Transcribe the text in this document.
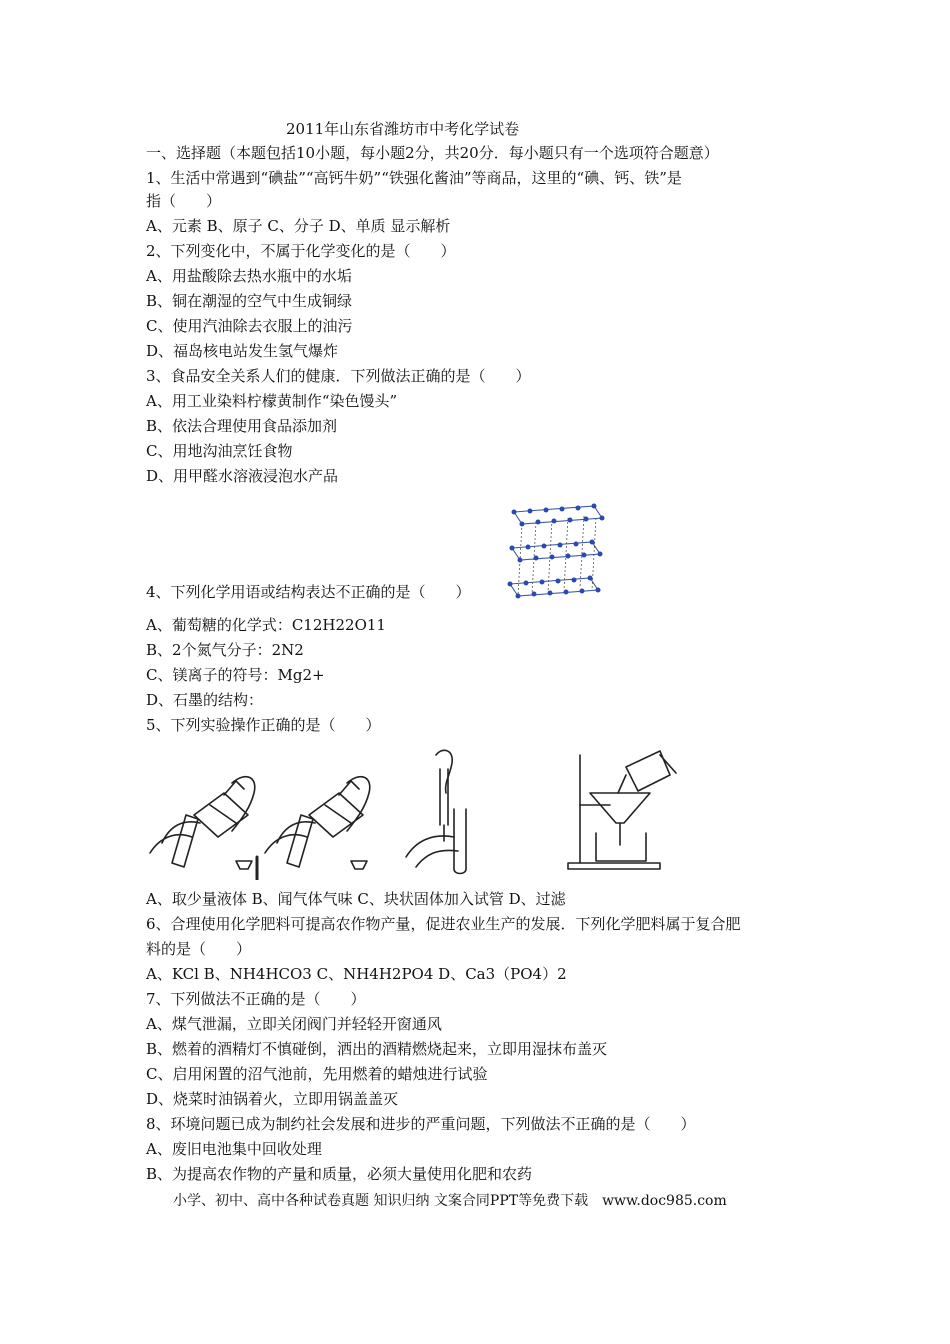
2011年山东省潍坊市中考化学试卷
一、选择题（本题包括10小题，每小题2分，共20分．每小题只有一个选项符合题意）
1、生活中常遇到“碘盐”“高钙牛奶”“铁强化酱油”等商品，这里的“碘、钙、铁”是
指（　　）
A、元素 B、原子 C、分子 D、单质 显示解析
2、下列变化中，不属于化学变化的是（　　）
A、用盐酸除去热水瓶中的水垢
B、铜在潮湿的空气中生成铜绿
C、使用汽油除去衣服上的油污
D、福岛核电站发生氢气爆炸
3、食品安全关系人们的健康．下列做法正确的是（　　）
A、用工业染料柠檬黄制作“染色馒头”
B、依法合理使用食品添加剂
C、用地沟油烹饪食物
D、用甲醛水溶液浸泡水产品
4、下列化学用语或结构表达不正确的是（　　）
A、葡萄糖的化学式：C12H22O11
B、2个氮气分子：2N2
C、镁离子的符号：Mg2+
D、石墨的结构：
5、下列实验操作正确的是（　　）
A、取少量液体 B、闻气体气味 C、块状固体加入试管 D、过滤
6、合理使用化学肥料可提高农作物产量，促进农业生产的发展．下列化学肥料属于复合肥
料的是（　　）
A、KCl B、NH4HCO3 C、NH4H2PO4 D、Ca3（PO4）2
7、下列做法不正确的是（　　）
A、煤气泄漏，立即关闭阀门并轻轻开窗通风
B、燃着的酒精灯不慎碰倒，洒出的酒精燃烧起来，立即用湿抹布盖灭
C、启用闲置的沼气池前，先用燃着的蜡烛进行试验
D、烧菜时油锅着火，立即用锅盖盖灭
8、环境问题已成为制约社会发展和进步的严重问题，下列做法不正确的是（　　）
A、废旧电池集中回收处理
B、为提高农作物的产量和质量，必须大量使用化肥和农药
小学、初中、高中各种试卷真题 知识归纳 文案合同PPT等免费下载　www.doc985.com
